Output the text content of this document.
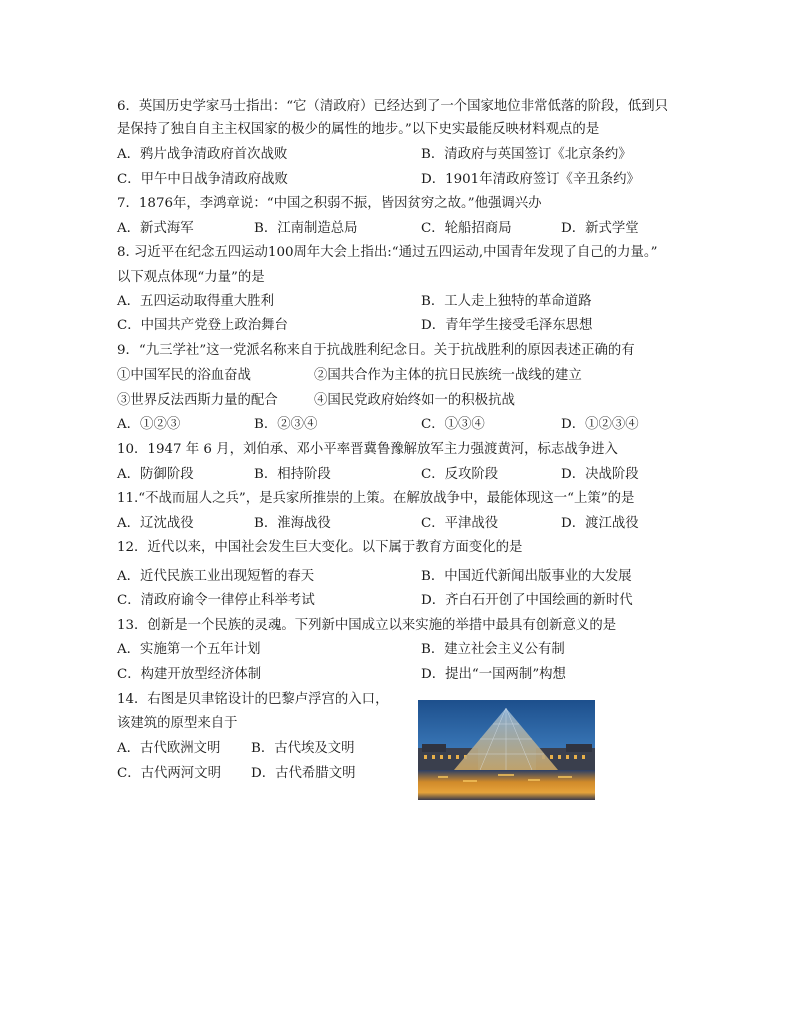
6．英国历史学家马士指出：“它（清政府）已经达到了一个国家地位非常低落的阶段，低到只
是保持了独自自主主权国家的极少的属性的地步。”以下史实最能反映材料观点的是
A．鸦片战争清政府首次战败	B．清政府与英国签订《北京条约》
C．甲午中日战争清政府战败	D．1901年清政府签订《辛丑条约》
7．1876年，李鸿章说：“中国之积弱不振，皆因贫穷之故。”他强调兴办
A．新式海军	B．江南制造总局	C．轮船招商局	D．新式学堂
8. 习近平在纪念五四运动100周年大会上指出:“通过五四运动,中国青年发现了自己的力量。”
以下观点体现“力量”的是
A．五四运动取得重大胜利	B．工人走上独特的革命道路
C．中国共产党登上政治舞台	D．青年学生接受毛泽东思想
9．“九三学社”这一党派名称来自于抗战胜利纪念日。关于抗战胜利的原因表述正确的有
①中国军民的浴血奋战	②国共合作为主体的抗日民族统一战线的建立
③世界反法西斯力量的配合	④国民党政府始终如一的积极抗战
A．①②③	B．②③④	C．①③④	D．①②③④
10．1947 年 6 月，刘伯承、邓小平率晋冀鲁豫解放军主力强渡黄河，标志战争进入
A．防御阶段	B．相持阶段	C．反攻阶段	D．决战阶段
11.“不战而屈人之兵”，是兵家所推崇的上策。在解放战争中，最能体现这一“上策”的是
A．辽沈战役	B．淮海战役	C．平津战役	D．渡江战役
12．近代以来，中国社会发生巨大变化。以下属于教育方面变化的是
A．近代民族工业出现短暂的春天	B．中国近代新闻出版事业的大发展
C．清政府谕令一律停止科举考试	D．齐白石开创了中国绘画的新时代
13．创新是一个民族的灵魂。下列新中国成立以来实施的举措中最具有创新意义的是
A．实施第一个五年计划	B．建立社会主义公有制
C．构建开放型经济体制	D．提出“一国两制”构想
14．右图是贝聿铭设计的巴黎卢浮宫的入口，
该建筑的原型来自于
A．古代欧洲文明 B．古代埃及文明
C．古代两河文明 D．古代希腊文明
